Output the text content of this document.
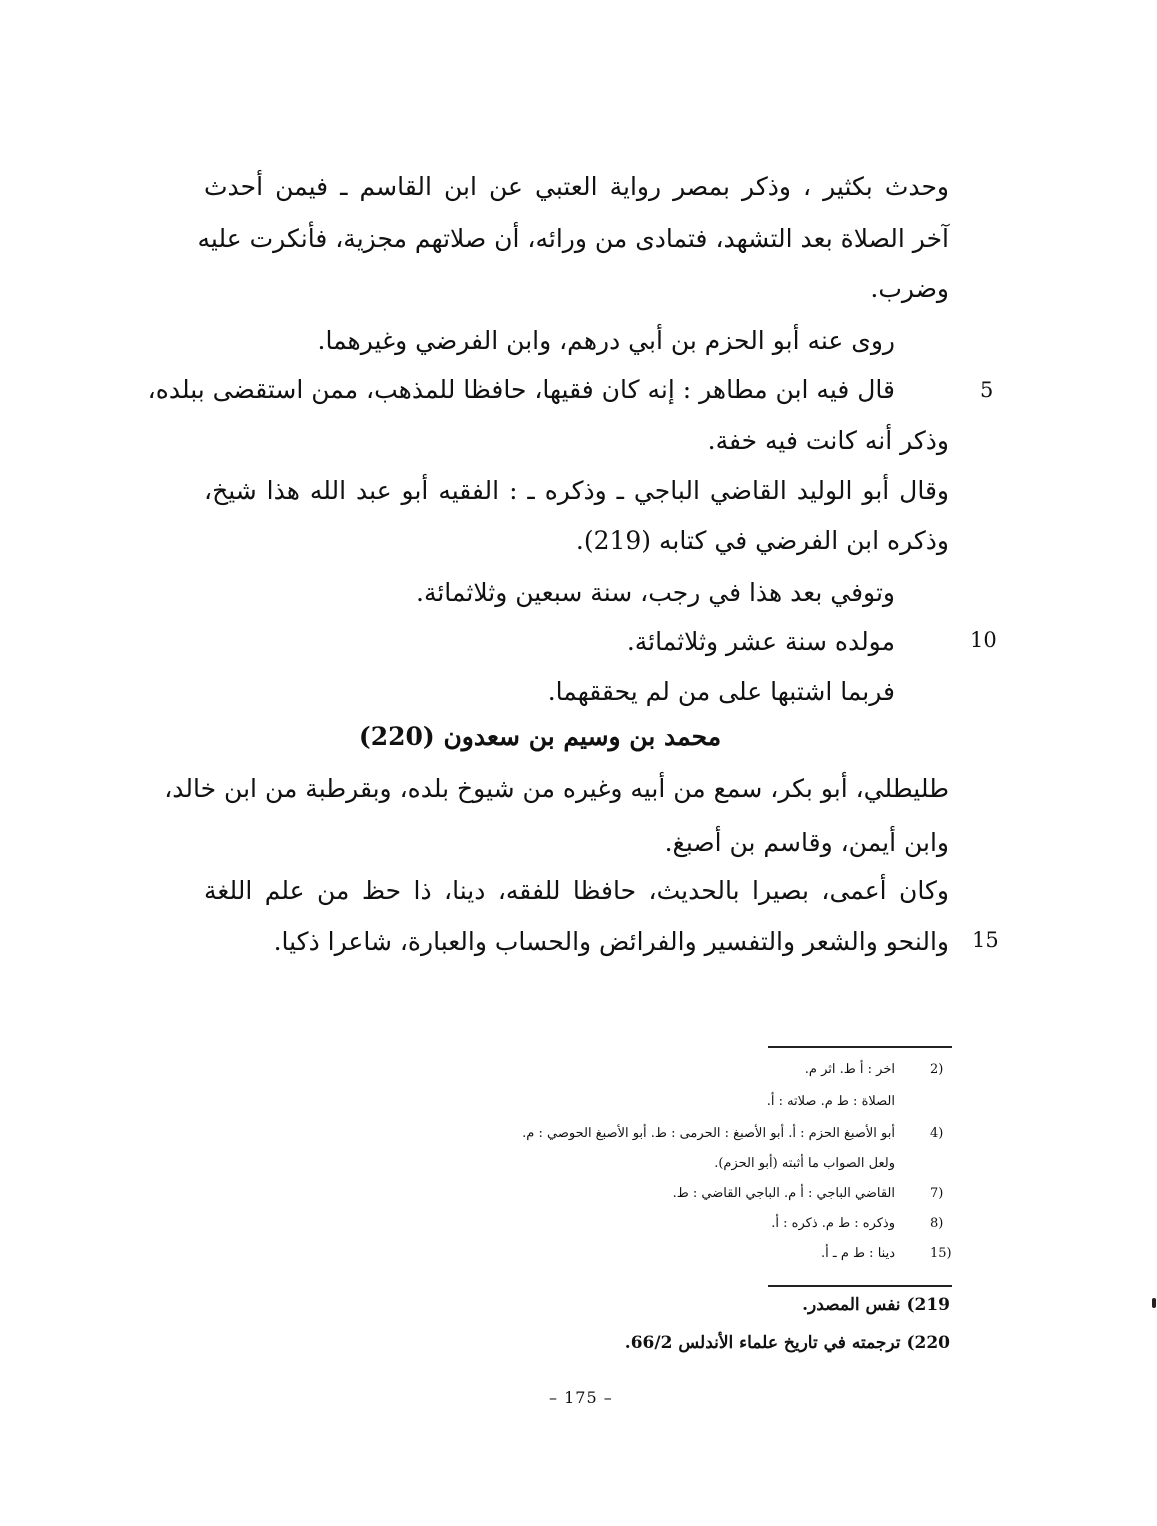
وحدث بكثير ، وذكر بمصر رواية العتبي عن ابن القاسم ـ فيمن أحدث
آخر الصلاة بعد التشهد، فتمادى من ورائه، أن صلاتهم مجزية، فأنكرت عليه
وضرب.
روى عنه أبو الحزم بن أبي درهم، وابن الفرضي وغيرهما.
قال فيه ابن مطاهر : إنه كان فقيها، حافظا للمذهب، ممن استقضى ببلده،
وذكر أنه كانت فيه خفة.
وقال أبو الوليد القاضي الباجي ـ وذكره ـ : الفقيه أبو عبد الله هذا شيخ،
وذكره ابن الفرضي في كتابه (219).
وتوفي بعد هذا في رجب، سنة سبعين وثلاثمائة.
مولده سنة عشر وثلاثمائة.
فربما اشتبها على من لم يحققهما.
محمد بن وسيم بن سعدون (220)
طليطلي، أبو بكر، سمع من أبيه وغيره من شيوخ بلده، وبقرطبة من ابن خالد،
وابن أيمن، وقاسم بن أصبغ.
وكان أعمى، بصيرا بالحديث، حافظا للفقه، دينا، ذا حظ من علم اللغة
والنحو والشعر والتفسير والفرائض والحساب والعبارة، شاعرا ذكيا.
5
10
15
2)
اخر : أ ط. اثر م.
الصلاة : ط م. صلاته : أ.
4)
أبو الأصبغ الحزم : أ. أبو الأصبغ : الحرمى : ط. أبو الأصبغ الحوصي : م.
ولعل الصواب ما أثبته (أبو الحزم).
7)
القاضي الباجي : أ م. الباجي القاضي : ط.
8)
وذكره : ط م. ذكره : أ.
15)
دينا : ط م ـ أ.
219) نفس المصدر.
220) ترجمته في تاريخ علماء الأندلس 66/2.
– 175 –
